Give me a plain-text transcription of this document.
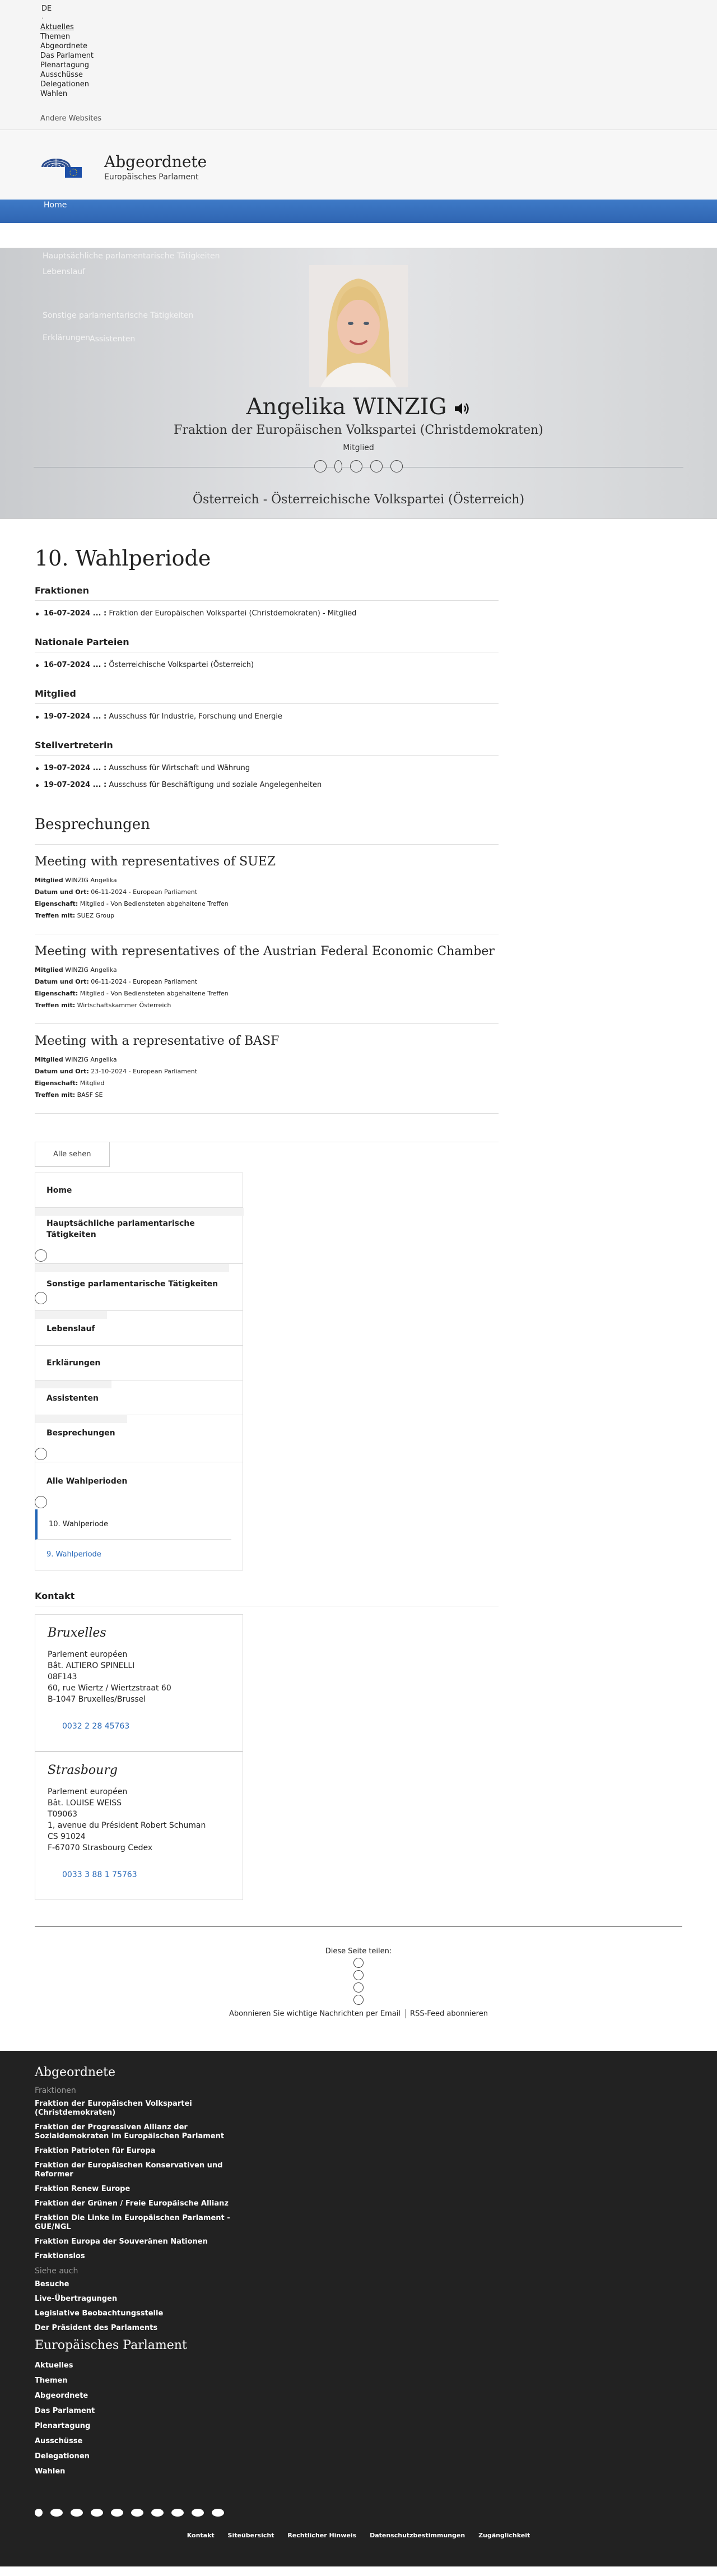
DE
·
Aktuelles
Themen
Abgeordnete
Das Parlament
Plenartagung
Ausschüsse
Delegationen
Wahlen
Andere Websites
Abgeordnete
Europäisches Parlament
Home
Hauptsächliche parlamentarische Tätigkeiten
Lebenslauf
Sonstige parlamentarische Tätigkeiten
Erklärungen
Assistenten
Angelika WINZIG
Fraktion der Europäischen Volkspartei (Christdemokraten)
Mitglied
Österreich - Österreichische Volkspartei (Österreich)
10. Wahlperiode
Fraktionen
16-07-2024 ... : Fraktion der Europäischen Volkspartei (Christdemokraten) - Mitglied
Nationale Parteien
16-07-2024 ... : Österreichische Volkspartei (Österreich)
Mitglied
19-07-2024 ... : Ausschuss für Industrie, Forschung und Energie
Stellvertreterin
19-07-2024 ... : Ausschuss für Wirtschaft und Währung
19-07-2024 ... : Ausschuss für Beschäftigung und soziale Angelegenheiten
Besprechungen
Meeting with representatives of SUEZ

Mitglied WINZIG Angelika

Datum und Ort: 06-11-2024 - European Parliament

Eigenschaft: Mitglied - Von Bediensteten abgehaltene Treffen

Treffen mit: SUEZ Group

Meeting with representatives of the Austrian Federal Economic Chamber

Mitglied WINZIG Angelika

Datum und Ort: 06-11-2024 - European Parliament

Eigenschaft: Mitglied - Von Bediensteten abgehaltene Treffen

Treffen mit: Wirtschaftskammer Österreich

Meeting with a representative of BASF

Mitglied WINZIG Angelika

Datum und Ort: 23-10-2024 - European Parliament

Eigenschaft: Mitglied

Treffen mit: BASF SE

Alle sehen
Home
Hauptsächliche parlamentarische Tätigkeiten
Sonstige parlamentarische Tätigkeiten
Lebenslauf
Erklärungen
Assistenten
Besprechungen
Alle Wahlperioden
10. Wahlperiode
9. Wahlperiode
Kontakt
Bruxelles
Parlement européen
Bât. ALTIERO SPINELLI
08F143
60, rue Wiertz / Wiertzstraat 60
B-1047 Bruxelles/Brussel
0032 2 28 45763
Strasbourg
Parlement européen
Bât. LOUISE WEISS
T09063
1, avenue du Président Robert Schuman
CS 91024
F-67070 Strasbourg Cedex
0033 3 88 1 75763
Diese Seite teilen:
Abonnieren Sie wichtige Nachrichten per Email RSS-Feed abonnieren
Abgeordnete
Fraktionen
Fraktion der Europäischen Volkspartei (Christdemokraten)
Fraktion der Progressiven Allianz der Sozialdemokraten im Europäischen Parlament
Fraktion Patrioten für Europa
Fraktion der Europäischen Konservativen und Reformer
Fraktion Renew Europe
Fraktion der Grünen / Freie Europäische Allianz
Fraktion Die Linke im Europäischen Parlament - GUE/NGL
Fraktion Europa der Souveränen Nationen
Fraktionslos
Siehe auch
Besuche
Live-Übertragungen
Legislative Beobachtungsstelle
Der Präsident des Parlaments
Europäisches Parlament
Aktuelles
Themen
Abgeordnete
Das Parlament
Plenartagung
Ausschüsse
Delegationen
Wahlen
Kontakt Siteübersicht Rechtlicher Hinweis Datenschutzbestimmungen Zugänglichkeit
